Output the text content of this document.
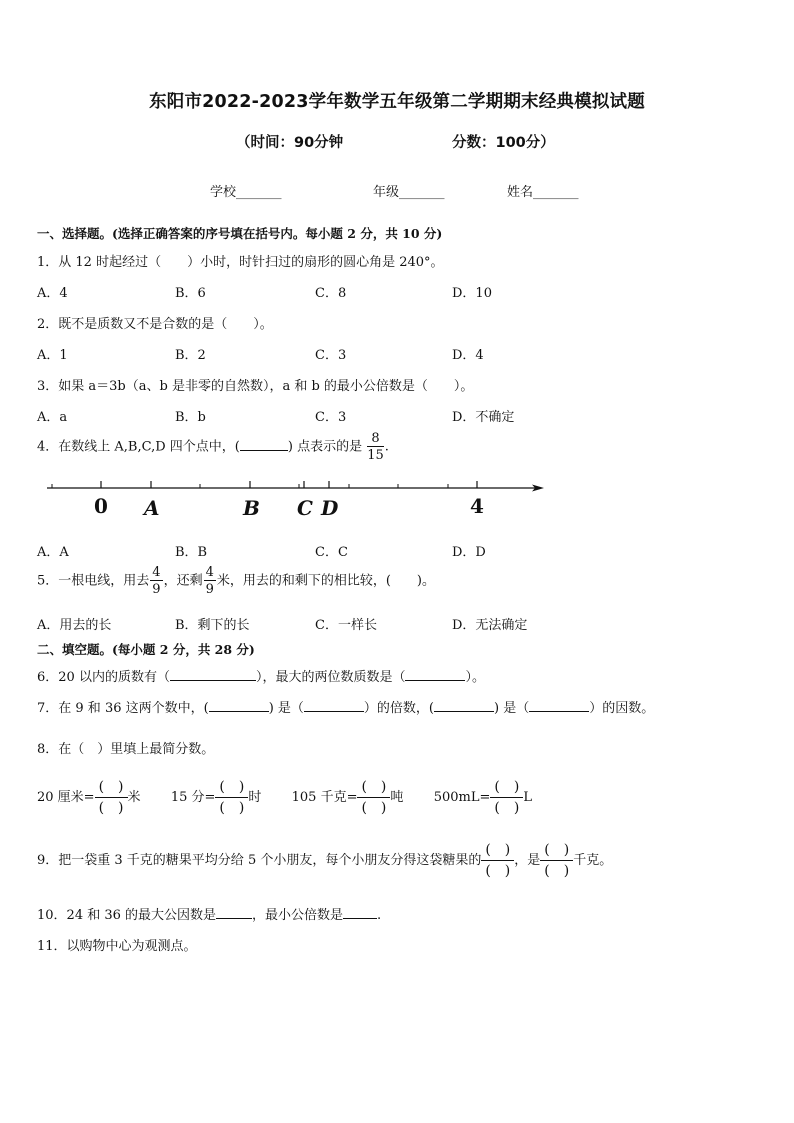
东阳市2022-2023学年数学五年级第二学期期末经典模拟试题
（时间：90分钟	分数：100分）
学校_______	年级_______	姓名_______
一、选择题。(选择正确答案的序号填在括号内。每小题 2 分，共 10 分)
1．从 12 时起经过（　　）小时，时针扫过的扇形的圆心角是 240°。
A．4	B．6	C．8	D．10
2．既不是质数又不是合数的是（　　）。
A．1	B．2	C．3	D．4
3．如果 a＝3b（a、b 是非零的自然数），a 和 b 的最小公倍数是（　　）。
A．a	B．b	C．3	D．不确定
4．在数线上 A,B,C,D 四个点中，(	) 点表示的是 $\frac{8}{15}$ .
0 A	B C D	4
A．A	B．B	C．C	D．D
5．一根电线，用去 $\frac{4}{9}$ ，还剩 $\frac{4}{9}$ 米，用去的和剩下的相比较，(　　)。
A．用去的长	B．剩下的长	C．一样长	D．无法确定
二、填空题。(每小题 2 分，共 28 分)
6．20 以内的质数有（	），最大的两位数质数是（	）。
7．在 9 和 36 这两个数中，(	) 是（	）的倍数，(	) 是（	）的因数。
8．在（　）里填上最简分数。
20 厘米=
(　)
(　)
米 15 分=
(　)
(　)
时 105 千克=
(　)
(　)
吨 500mL=
(　)
(　)
L
9．把一袋重 3 千克的糖果平均分给 5 个小朋友，每个小朋友分得这袋糖果的
(　)
(　)
，是
(　)
(　)
千克。
10．24 和 36 的最大公因数是	，最小公倍数是	.
11．以购物中心为观测点。
